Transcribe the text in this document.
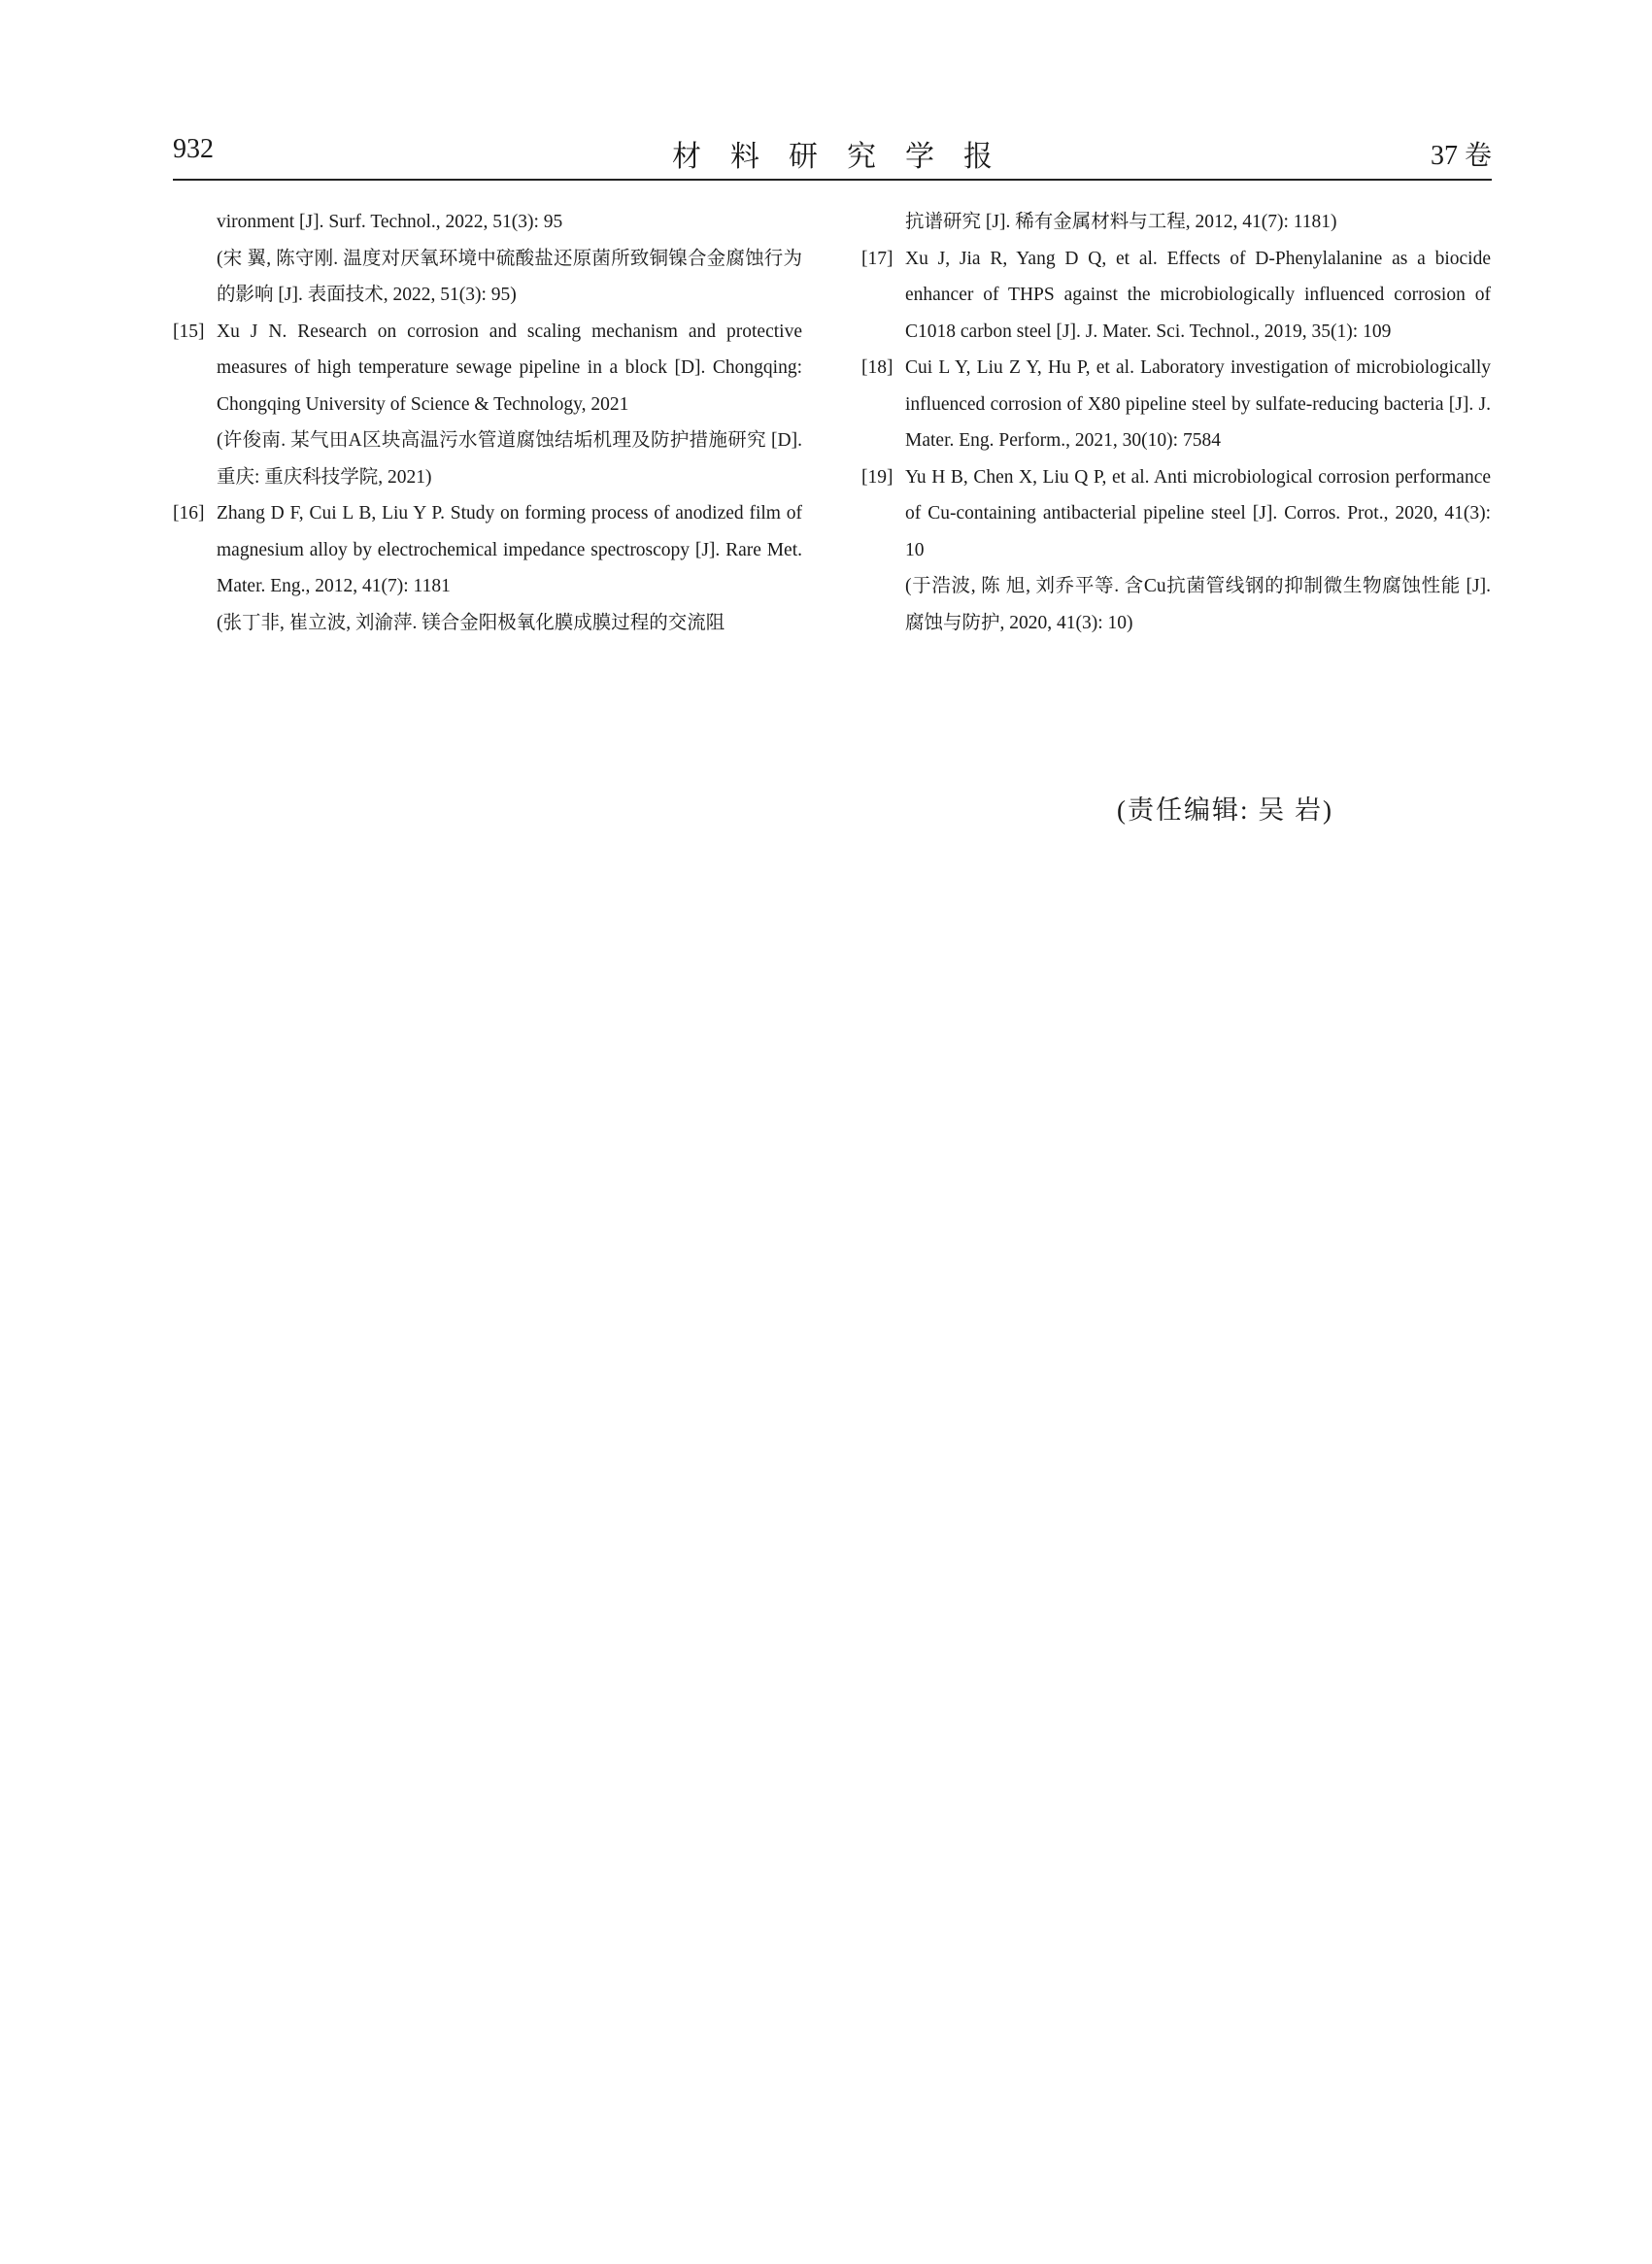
932	材料研究学报	37 卷
vironment [J]. Surf. Technol., 2022, 51(3): 95
(宋 翼, 陈守刚. 温度对厌氧环境中硫酸盐还原菌所致铜镍合金腐蚀行为的影响 [J]. 表面技术, 2022, 51(3): 95)
[15] Xu J N. Research on corrosion and scaling mechanism and protective measures of high temperature sewage pipeline in a block [D]. Chongqing: Chongqing University of Science & Technology, 2021
(许俊南. 某气田A区块高温污水管道腐蚀结垢机理及防护措施研究 [D]. 重庆: 重庆科技学院, 2021)
[16] Zhang D F, Cui L B, Liu Y P. Study on forming process of anodized film of magnesium alloy by electrochemical impedance spectroscopy [J]. Rare Met. Mater. Eng., 2012, 41(7): 1181
(张丁非, 崔立波, 刘渝萍. 镁合金阳极氧化膜成膜过程的交流阻
抗谱研究 [J]. 稀有金属材料与工程, 2012, 41(7): 1181)
[17] Xu J, Jia R, Yang D Q, et al. Effects of D-Phenylalanine as a biocide enhancer of THPS against the microbiologically influenced corrosion of C1018 carbon steel [J]. J. Mater. Sci. Technol., 2019, 35(1): 109
[18] Cui L Y, Liu Z Y, Hu P, et al. Laboratory investigation of microbiologically influenced corrosion of X80 pipeline steel by sulfate-reducing bacteria [J]. J. Mater. Eng. Perform., 2021, 30(10): 7584
[19] Yu H B, Chen X, Liu Q P, et al. Anti microbiological corrosion performance of Cu-containing antibacterial pipeline steel [J]. Corros. Prot., 2020, 41(3): 10
(于浩波, 陈 旭, 刘乔平等. 含Cu抗菌管线钢的抑制微生物腐蚀性能 [J]. 腐蚀与防护, 2020, 41(3): 10)
(责任编辑: 吴 岩)
